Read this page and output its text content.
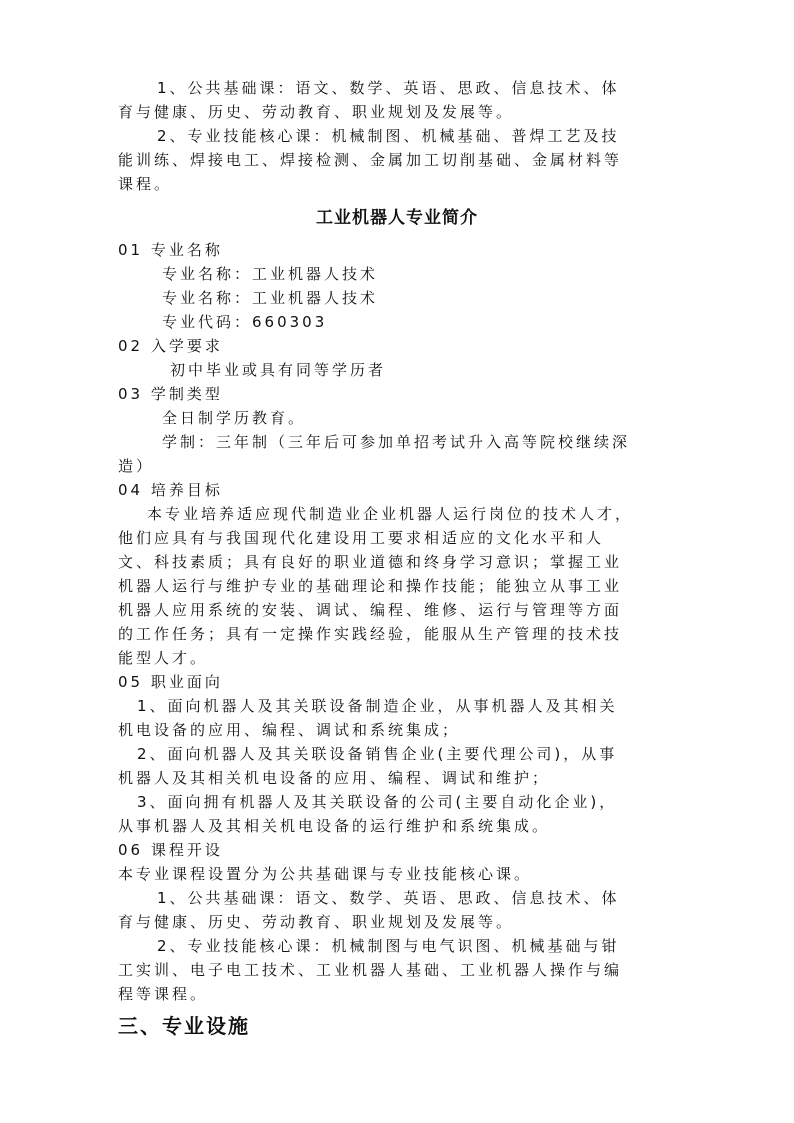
1、公共基础课：语文、数学、英语、思政、信息技术、体
育与健康、历史、劳动教育、职业规划及发展等。
2、专业技能核心课：机械制图、机械基础、普焊工艺及技
能训练、焊接电工、焊接检测、金属加工切削基础、金属材料等
课程。
工业机器人专业简介
01 专业名称
专业名称：工业机器人技术
专业名称：工业机器人技术
专业代码：660303
02 入学要求
初中毕业或具有同等学历者
03 学制类型
全日制学历教育。
学制：三年制（三年后可参加单招考试升入高等院校继续深
造）
04 培养目标
本专业培养适应现代制造业企业机器人运行岗位的技术人才，
他们应具有与我国现代化建设用工要求相适应的文化水平和人
文、科技素质；具有良好的职业道德和终身学习意识；掌握工业
机器人运行与维护专业的基础理论和操作技能；能独立从事工业
机器人应用系统的安装、调试、编程、维修、运行与管理等方面
的工作任务；具有一定操作实践经验，能服从生产管理的技术技
能型人才。
05 职业面向
1、面向机器人及其关联设备制造企业，从事机器人及其相关
机电设备的应用、编程、调试和系统集成；
2、面向机器人及其关联设备销售企业(主要代理公司)，从事
机器人及其相关机电设备的应用、编程、调试和维护；
3、面向拥有机器人及其关联设备的公司(主要自动化企业)，
从事机器人及其相关机电设备的运行维护和系统集成。
06 课程开设
本专业课程设置分为公共基础课与专业技能核心课。
1、公共基础课：语文、数学、英语、思政、信息技术、体
育与健康、历史、劳动教育、职业规划及发展等。
2、专业技能核心课：机械制图与电气识图、机械基础与钳
工实训、电子电工技术、工业机器人基础、工业机器人操作与编
程等课程。
三、专业设施
